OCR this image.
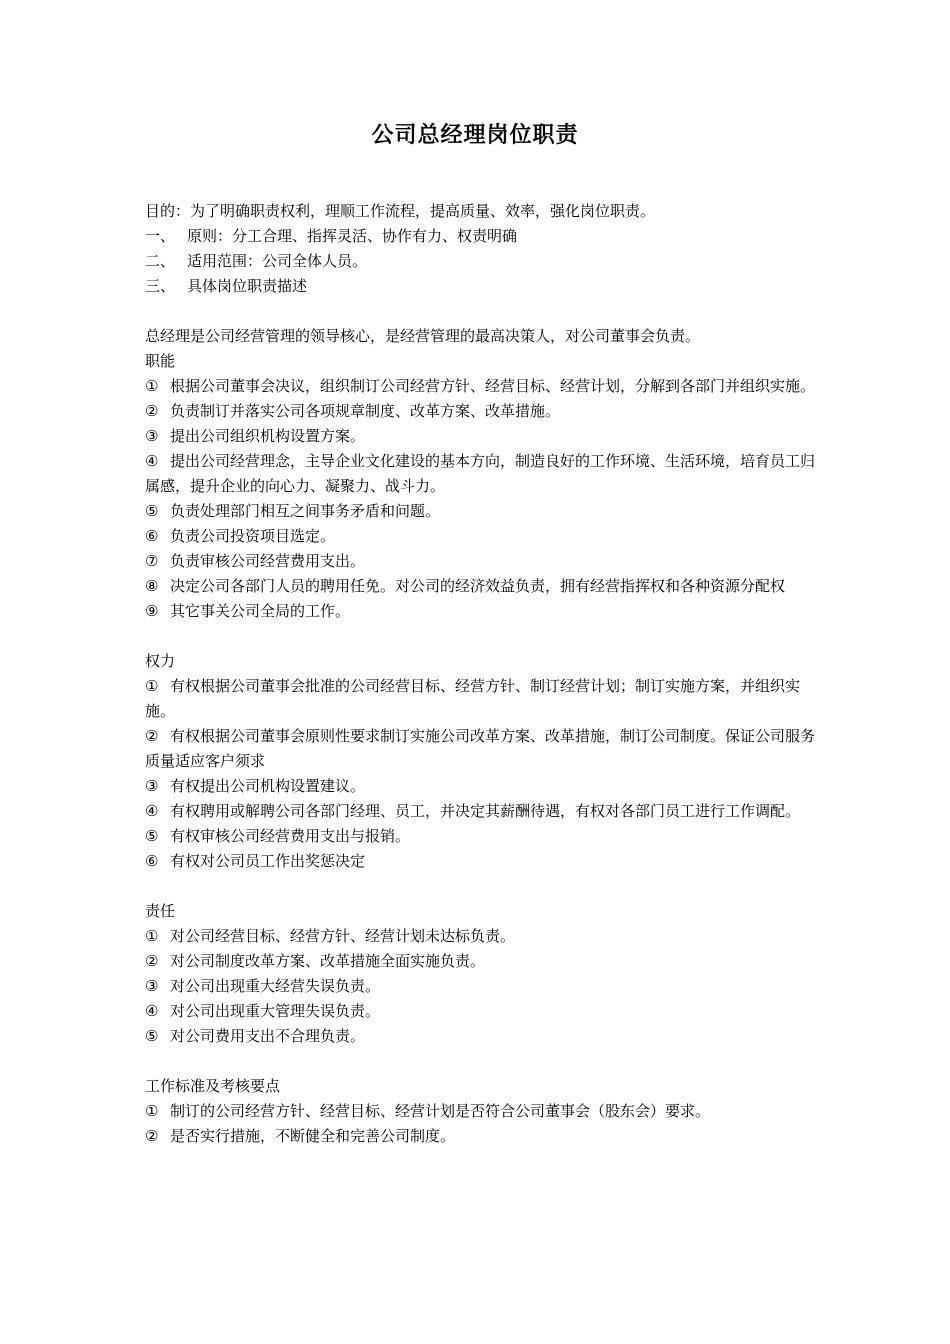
公司总经理岗位职责

目的：为了明确职责权利，理顺工作流程，提高质量、效率，强化岗位职责。

一、 原则：分工合理、指挥灵活、协作有力、权责明确
二、 适用范围：公司全体人员。
三、 具体岗位职责描述

总经理是公司经营管理的领导核心，是经营管理的最高决策人，对公司董事会负责。

职能

① 根据公司董事会决议，组织制订公司经营方针、经营目标、经营计划，分解到各部门并组织实施。

② 负责制订并落实公司各项规章制度、改革方案、改革措施。

③ 提出公司组织机构设置方案。

④ 提出公司经营理念，主导企业文化建设的基本方向，制造良好的工作环境、生活环境，培育员工归属感，提升企业的向心力、凝聚力、战斗力。

⑤ 负责处理部门相互之间事务矛盾和问题。

⑥ 负责公司投资项目选定。

⑦ 负责审核公司经营费用支出。

⑧ 决定公司各部门人员的聘用任免。对公司的经济效益负责，拥有经营指挥权和各种资源分配权

⑨ 其它事关公司全局的工作。

权力

① 有权根据公司董事会批准的公司经营目标、经营方针、制订经营计划；制订实施方案，并组织实施。

② 有权根据公司董事会原则性要求制订实施公司改革方案、改革措施，制订公司制度。保证公司服务质量适应客户须求

③ 有权提出公司机构设置建议。

④ 有权聘用或解聘公司各部门经理、员工，并决定其薪酬待遇，有权对各部门员工进行工作调配。

⑤ 有权审核公司经营费用支出与报销。

⑥ 有权对公司员工作出奖惩决定

责任

① 对公司经营目标、经营方针、经营计划未达标负责。

② 对公司制度改革方案、改革措施全面实施负责。

③ 对公司出现重大经营失误负责。

④ 对公司出现重大管理失误负责。

⑤ 对公司费用支出不合理负责。

工作标准及考核要点

① 制订的公司经营方针、经营目标、经营计划是否符合公司董事会（股东会）要求。

② 是否实行措施，不断健全和完善公司制度。
